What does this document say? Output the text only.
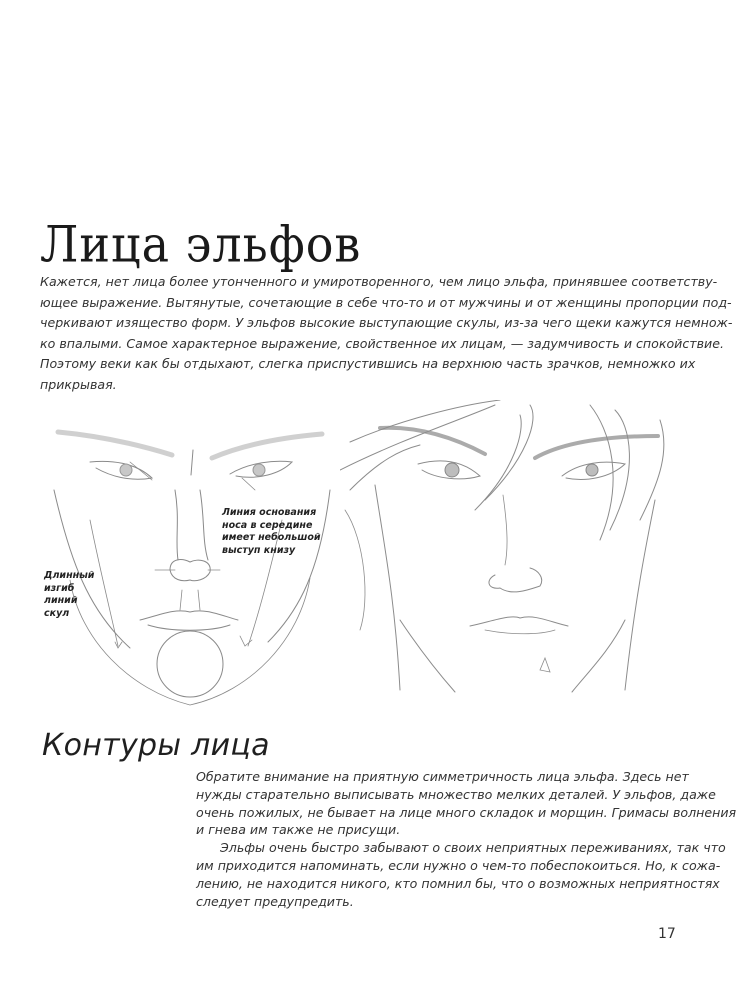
Лица эльфов

Кажется, нет лица более утонченного и умиротворенного, чем лицо эльфа, принявшее соответству-
ющее выражение. Вытянутые, сочетающие в себе что-то и от мужчины и от женщины пропорции под-
черкивают изящество форм. У эльфов высокие выступающие скулы, из-за чего щеки кажутся немнож-
ко впалыми. Самое характерное выражение, свойственное их лицам, — задумчивость и спокойствие.
Поэтому веки как бы отдыхают, слегка приспустившись на верхнюю часть зрачков, немножко их
прикрывая.

Линия основания
носа в середине
имеет небольшой
выступ книзу
Длинный
изгиб
линий
скул
Контуры лица

Обратите внимание на приятную симметричность лица эльфа. Здесь нет
нужды старательно выписывать множество мелких деталей. У эльфов, даже
очень пожилых, не бывает на лице много складок и морщин. Гримасы волнения
и гнева им также не присущи.
Эльфы очень быстро забывают о своих неприятных переживаниях, так что
им приходится напоминать, если нужно о чем-то побеспокоиться. Но, к сожа-
лению, не находится никого, кто помнил бы, что о возможных неприятностях
следует предупредить.

17
